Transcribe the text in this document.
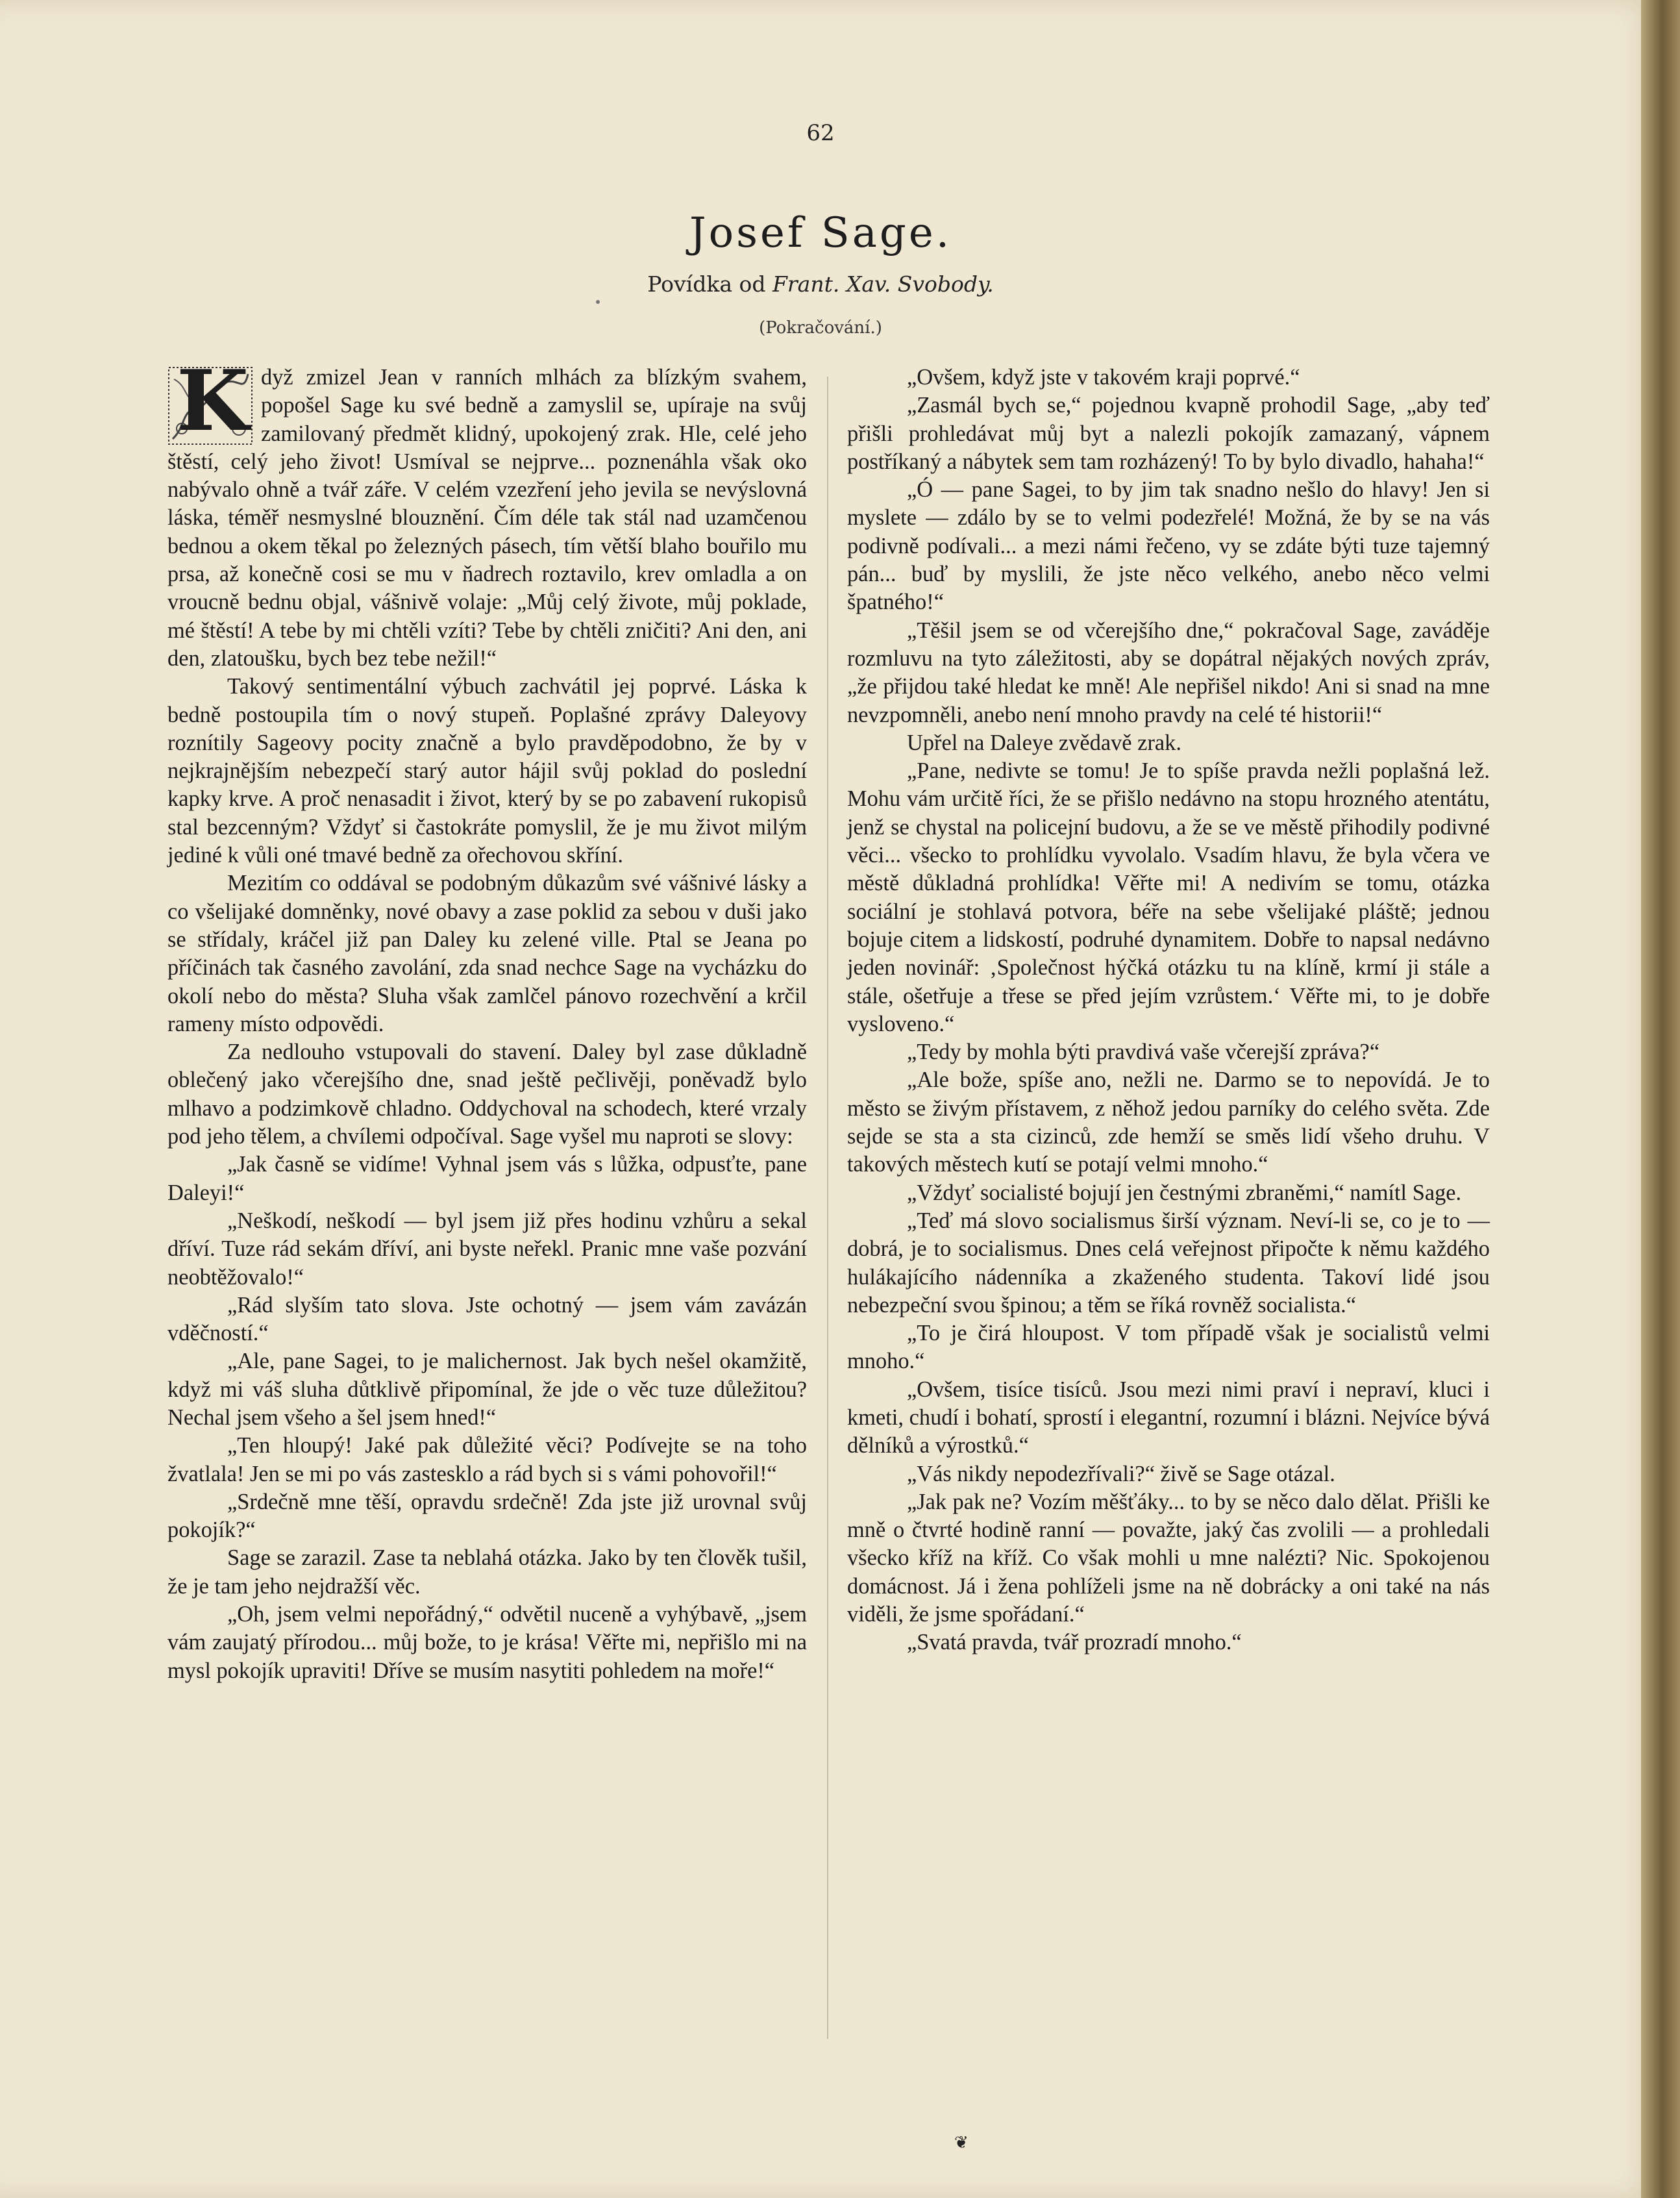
62
Josef Sage.
Povídka od Frant. Xav. Svobody.
(Pokračování.)

K dyž zmizel Jean v ranních mlhách za blízkým svahem, popošel Sage ku své bedně a zamyslil se, upíraje na svůj zamilovaný předmět klidný, upokojený zrak. Hle, celé jeho štěstí, celý jeho život! Usmíval se nejprve... poznenáhla však oko nabývalo ohně a tvář záře. V celém vzezření jeho jevila se nevýslovná láska, téměř nesmyslné blouznění. Čím déle tak stál nad uzamčenou bednou a okem těkal po železných pásech, tím větší blaho bouřilo mu prsa, až konečně cosi se mu v ňadrech roztavilo, krev omladla a on vroucně bednu objal, vášnivě volaje: „Můj celý živote, můj poklade, mé štěstí! A tebe by mi chtěli vzíti? Tebe by chtěli zničiti? Ani den, ani den, zlatoušku, bych bez tebe nežil!“

Takový sentimentální výbuch zachvátil jej poprvé. Láska k bedně postoupila tím o nový stupeň. Poplašné zprávy Daleyovy roznítily Sageovy pocity značně a bylo pravděpodobno, že by v nejkrajnějším nebezpečí starý autor hájil svůj poklad do poslední kapky krve. A proč nenasadit i život, který by se po zabavení rukopisů stal bezcenným? Vždyť si častokráte pomyslil, že je mu život milým jediné k vůli oné tmavé bedně za ořechovou skříní.

Mezitím co oddával se podobným důkazům své vášnivé lásky a co všelijaké domněnky, nové obavy a zase poklid za sebou v duši jako se střídaly, kráčel již pan Daley ku zelené ville. Ptal se Jeana po příčinách tak časného zavolání, zda snad nechce Sage na vycházku do okolí nebo do města? Sluha však zamlčel pánovo rozechvění a krčil rameny místo odpovědi.

Za nedlouho vstupovali do stavení. Daley byl zase důkladně oblečený jako včerejšího dne, snad ještě pečlivěji, poněvadž bylo mlhavo a podzimkově chladno. Oddychoval na schodech, které vrzaly pod jeho tělem, a chvílemi odpočíval. Sage vyšel mu naproti se slovy:

„Jak časně se vidíme! Vyhnal jsem vás s lůžka, odpusťte, pane Daleyi!“

„Neškodí, neškodí — byl jsem již přes hodinu vzhůru a sekal dříví. Tuze rád sekám dříví, ani byste neřekl. Pranic mne vaše pozvání neobtěžovalo!“

„Rád slyším tato slova. Jste ochotný — jsem vám zavázán vděčností.“

„Ale, pane Sagei, to je malichernost. Jak bych nešel okamžitě, když mi váš sluha důtklivě připomínal, že jde o věc tuze důležitou? Nechal jsem všeho a šel jsem hned!“

„Ten hloupý! Jaké pak důležité věci? Podívejte se na toho žvatlala! Jen se mi po vás zastesklo a rád bych si s vámi pohovořil!“

„Srdečně mne těší, opravdu srdečně! Zda jste již urovnal svůj pokojík?“

Sage se zarazil. Zase ta neblahá otázka. Jako by ten člověk tušil, že je tam jeho nejdražší věc.

„Oh, jsem velmi nepořádný,“ odvětil nuceně a vyhýbavě, „jsem vám zaujatý přírodou... můj bože, to je krása! Věřte mi, nepřišlo mi na mysl pokojík upraviti! Dříve se musím nasytiti pohledem na moře!“

„Ovšem, když jste v takovém kraji poprvé.“

„Zasmál bych se,“ pojednou kvapně prohodil Sage, „aby teď přišli prohledávat můj byt a nalezli pokojík zamazaný, vápnem postříkaný a nábytek sem tam rozházený! To by bylo divadlo, hahaha!“

„Ó — pane Sagei, to by jim tak snadno nešlo do hlavy! Jen si myslete — zdálo by se to velmi podezřelé! Možná, že by se na vás podivně podívali... a mezi námi řečeno, vy se zdáte býti tuze tajemný pán... buď by myslili, že jste něco velkého, anebo něco velmi špatného!“

„Těšil jsem se od včerejšího dne,“ pokračoval Sage, zaváděje rozmluvu na tyto záležitosti, aby se dopátral nějakých nových zpráv, „že přijdou také hledat ke mně! Ale nepřišel nikdo! Ani si snad na mne nevzpomněli, anebo není mnoho pravdy na celé té historii!“

Upřel na Daleye zvědavě zrak.

„Pane, nedivte se tomu! Je to spíše pravda nežli poplašná lež. Mohu vám určitě říci, že se přišlo nedávno na stopu hrozného atentátu, jenž se chystal na policejní budovu, a že se ve městě přihodily podivné věci... všecko to prohlídku vyvolalo. Vsadím hlavu, že byla včera ve městě důkladná prohlídka! Věřte mi! A nedivím se tomu, otázka sociální je stohlavá potvora, béře na sebe všelijaké pláště; jednou bojuje citem a lidskostí, podruhé dynamitem. Dobře to napsal nedávno jeden novinář: ‚Společnost hýčká otázku tu na klíně, krmí ji stále a stále, ošetřuje a třese se před jejím vzrůstem.‘ Věřte mi, to je dobře vysloveno.“

„Tedy by mohla býti pravdivá vaše včerejší zpráva?“

„Ale bože, spíše ano, nežli ne. Darmo se to nepovídá. Je to město se živým přístavem, z něhož jedou parníky do celého světa. Zde sejde se sta a sta cizinců, zde hemží se směs lidí všeho druhu. V takových městech kutí se potají velmi mnoho.“

„Vždyť socialisté bojují jen čestnými zbraněmi,“ namítl Sage.

„Teď má slovo socialismus širší význam. Neví-li se, co je to — dobrá, je to socialismus. Dnes celá veřejnost připočte k němu každého hulákajícího nádenníka a zkaženého studenta. Takoví lidé jsou nebezpeční svou špinou; a těm se říká rovněž socialista.“

„To je čirá hloupost. V tom případě však je socialistů velmi mnoho.“

„Ovšem, tisíce tisíců. Jsou mezi nimi praví i nepraví, kluci i kmeti, chudí i bohatí, sprostí i elegantní, rozumní i blázni. Nejvíce bývá dělníků a výrostků.“

„Vás nikdy nepodezřívali?“ živě se Sage otázal.

„Jak pak ne? Vozím měšťáky... to by se něco dalo dělat. Přišli ke mně o čtvrté hodině ranní — považte, jaký čas zvolili — a prohledali všecko kříž na kříž. Co však mohli u mne nalézti? Nic. Spokojenou domácnost. Já i žena pohlíželi jsme na ně dobrácky a oni také na nás viděli, že jsme spořádaní.“

„Svatá pravda, tvář prozradí mnoho.“

❦
